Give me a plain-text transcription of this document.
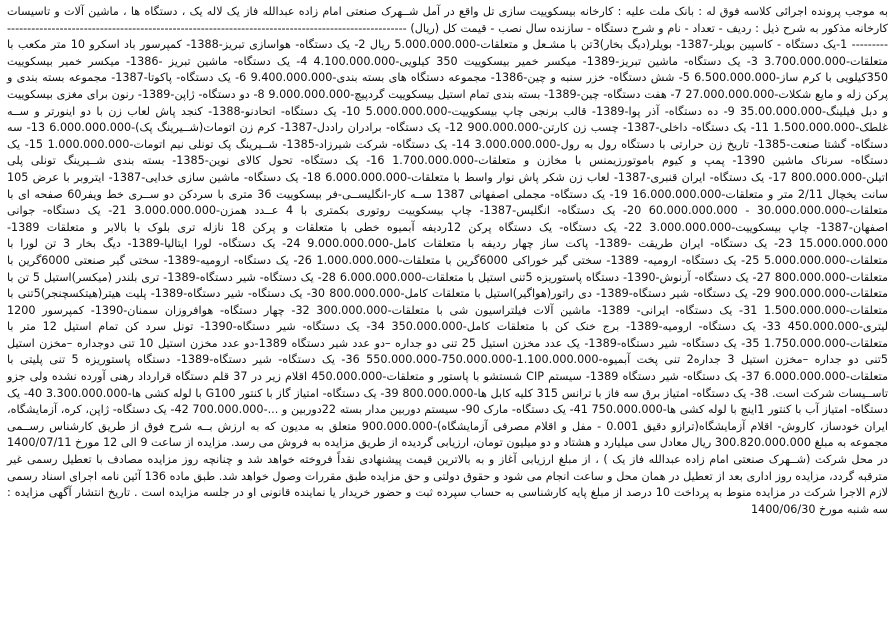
به موجب پرونده اجرائی کلاسه فوق له : بانک ملت علیه : کارخانه بیسکوییت سازی تل واقع در آمل شــهرک صنعتی امام زاده عبدالله فاز یک لاله یک ، دستگاه ها ، ماشین آلات و تاسیسات کارخانه مذکور به شرح ذیل : ردیف - تعداد - نام و شرح دستگاه - سازنده سال نصب - قیمت کل (ریال) ------------------------------------------------------------------------------------------------------------ 1-یک دستگاه - کاسپین بویلر-1387- بویلر(دیگ بخار)3تن با مشـعل و متعلقات-5.000.000.000 ریال 2- یک دستگاه- هواسازی تبریز-1388- کمپرسور باد اسکرو 10 متر مکعب با متعلقات-3.700.000.000 3- یک دستگاه- ماشین تبریز-1389- میکسر خمیر بیسکوییت 350 کیلویی-4.100.000.000 4- یک دستگاه- ماشین تبریز -1386- میکسر خمیر بیسکوییت 350کیلویی با کرم ساز-6.500.000.000 5- شش دستگاه- خزر سنبه و چین-1386- مجموعه دستگاه های بسته بندی-9.400.000.000 6- یک دستگاه- پاکوتا-1387- مجموعه بسته بندی و پرکن زله و مایع شکلات-27.000.000.000 7- هفت دستگاه- چین-1389- بسته بندی تمام استیل بیسکوییت گردپیچ-9.000.000.000 8- دو دستگاه- ژاپن-1389- رنون برای مغزی بیسکوییت و دبل فیلینگ-35.00.000.000 9- ده دستگاه- آذر پوا-1389- قالب برنجی چاپ بیسکوییت-5.000.000.000 10- یک دستگاه- اتحادنو-1388- کنجد پاش لعاب زن با دو اینورتر و ســه غلطک-1.500.000.000 11- یک دستگاه- داخلی-1387- چسب زن کارتن-900.000.000 12- یک دستگاه- برادران راددل-1387- کرم زن اتومات(شــیرینگ پک)-6.000.000.000 13- سه دستگاه- گشتا صنعت-1385- تاریخ زن حرارتی با دستگاه رول به رول-3.000.000.000 14- یک دستگاه- شرکت شیرزاد-1385- شــیرینگ پک تونلی نیم اتومات-1.000.000.000 15- یک دستگاه- سرناک ماشین 1390- پمپ و کیوم باموتورزیمنس با مخازن و متعلقات-1.700.000.000 16- یک دستگاه- تحول کالای نوین-1385- بسته بندی شــیرینگ تونلی پلی اتیلن-800.000.000 17- یک دستگاه- ایران قنبری-1387- لعاب زن شکر پاش نوار واسط با متعلقات-6.000.000.000 18- یک دستگاه- ماشین سازی خدایی-1387- ایتروبر با عرض 105 سانت یخچال 2/11 متر و متعلقات-16.000.000.000 19- یک دستگاه- مجملی اصفهانی 1387 ســه کار-انگلیســی-فر بیسکوییت 36 متری با سردکن دو ســری خط ویفر60 صفحه ای با متعلقات-30.000.000.000 - 60.000.000.000 20- یک دستگاه- انگلیس-1387- چاپ بیسکوییت روتوری بکمتری با 4 عــدد همزن-3.000.000.000 21- یک دستگاه- جوانی اصفهان-1387- چاپ بیسکوییت-3.000.000.000 22- یک دستگاه- یک دستگاه پرکن 12ردیفه آبمیوه خطی با متعلقات و پرکن 18 نازله تری بلوک با بالابر و متعلقات 1389-15.000.000.000 23- یک دستگاه- ایران طریقت -1389- پاکت ساز چهار ردیفه با متعلقات کامل-9.000.000.000 24- یک دستگاه- لورا ایتالیا-1389- دیگ بخار 3 تن لورا با متعلقات-5.000.000.000 25- یک دستگاه- ارومیه- 1389- سختی گیر خوراکی 6000گرین با متعلقات-1.000.000.000 26- یک دستگاه- ارومیه-1389- سختی گیر صنعتی 6000گرین با متعلقات-800.000.000 27- یک دستگاه- آرنوش-1390- دستگاه پاستوریزه 5تنی استیل با متعلقات-6.000.000.000 28- یک دستگاه- شیر دستگاه-1389- تری بلندر (میکسر)استیل 5 تن با متعلقات-900.000.000 29- یک دستگاه- شیر دستگاه-1389- دی راتور(هواگیر)استیل با متعلقات کامل-800.000.000 30- یک دستگاه- شیر دستگاه-1389- پلیت هیتر(هیتکسچنجر)5تنی با متعلقات-1.500.000.000 31- یک دستگاه- ایرانی- 1389- ماشین آلات فیلتراسیون شی با متعلقات-300.000.000 32- چهار دستگاه- هوافروزان سمنان-1390- کمپرسور 1200 لیتری-450.000.000 33- یک دستگاه- ارومیه-1389- برج خنک کن با متعلقات کامل-350.000.000 34- یک دستگاه- شیر دستگاه-1390- تونل سرد کن تمام استیل 12 متر با متعلقات-1.750.000.000 35- یک دستگاه- شیر دستگاه-1389- یک عدد مخزن استیل 25 تنی دو جداره –دو عدد شیر دستگاه 1389-دو عدد مخزن استیل 10 تنی دوجداره –مخزن استیل 5تنی دو جداره –مخزن استیل 3 جداره2 تنی پخت آبمیوه-1.100.000.000-750.000.000-550.000.000 36- یک دستگاه- شیر دستگاه-1389- دستگاه پاستوریزه 5 تنی پلیتی با متعلقات-6.000.000.000 37- یک دستگاه- شیر دستگاه 1389- سیستم CIP شستشو با پاستور و متعلقات-450.000.000 اقلام زیر در 37 قلم دستگاه قرارداد رهنی آورده نشده ولی جزو تاســیسات شرکت است. 38- یک دستگاه- امتیاز برق سه فاز با ترانس 315 کلیه کابل ها-800.000.000 39- یک دستگاه- امتیاز گاز با کنتور G100 با لوله کشی ها-3.300.000.000 40- یک دستگاه- امتیاز آب با کنتور 1اینچ با لوله کشی ها-750.000.000 41- یک دستگاه- مارک 90- سیستم دوربین مدار بسته 22دوربین و ...-700.000.000 42- یک دستگاه- ژاپن، کره، آزمایشگاه، ایران خودساز، کاروش- اقلام آزمایشگاه(ترازو دقیق 0.001 - مفل و اقلام مصرفی آزمایشگاه)-900.000.000 متعلق به مدیون که به ارزش بــه شرح فوق از طریق کارشناس رســمی مجموعه به مبلغ 300.820.000.000 ریال معادل سی میلیارد و هشتاد و دو میلیون تومان، ارزیابی گردیده از طریق مزایده به فروش می رسد. مزایده از ساعت 9 الی 12 مورخ 1400/07/11 در محل شرکت (شــهرک صنعتی امام زاده عبدالله فاز یک ) ، از مبلغ ارزیابی آغاز و به بالاترین قیمت پیشنهادی نقداً فروخته خواهد شد و چنانچه روز مزایده مصادف با تعطیل رسمی غیر مترقبه گردد، مزایده روز اداری بعد از تعطیل در همان محل و ساعت انجام می شود و حقوق دولتی و حق مزایده طبق مقررات وصول خواهد شد. طبق ماده 136 آئین نامه اجرای اسناد رسمی لازم الاجرا شرکت در مزایده منوط به پرداخت 10 درصد از مبلغ پایه کارشناسی به حساب سپرده ثبت و حضور خریدار یا نماینده قانونی او در جلسه مزایده است . تاریخ انتشار آگهی مزایده : سه شنبه مورخ 1400/06/30
